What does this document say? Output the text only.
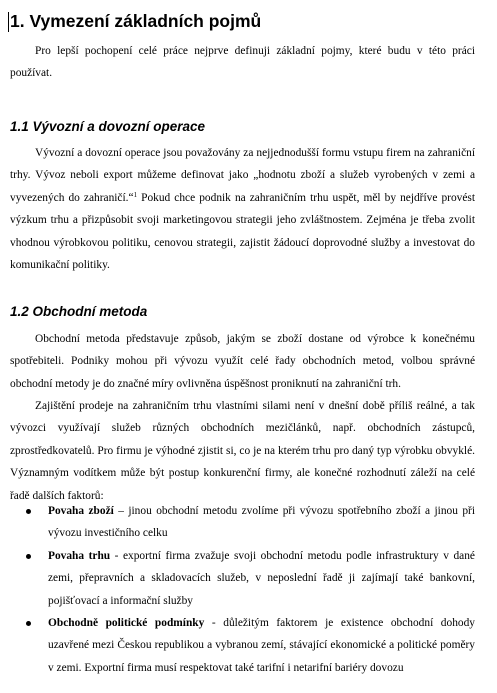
1. Vymezení základních pojmů

Pro lepší pochopení celé práce nejprve definuji základní pojmy, které budu v této práci používat.

1.1 Vývozní a dovozní operace

Vývozní a dovozní operace jsou považovány za nejjednodušší formu vstupu firem na zahraniční trhy. Vývoz neboli export můžeme definovat jako „hodnotu zboží a služeb vyrobených v zemi a vyvezených do zahraničí.“$^1$ Pokud chce podnik na zahraničním trhu uspět, měl by nejdříve provést výzkum trhu a přizpůsobit svoji marketingovou strategii jeho zvláštnostem. Zejména je třeba zvolit vhodnou výrobkovou politiku, cenovou strategii, zajistit žádoucí doprovodné služby a investovat do komunikační politiky.

1.2 Obchodní metoda

Obchodní metoda představuje způsob, jakým se zboží dostane od výrobce k konečnému spotřebiteli. Podniky mohou při vývozu využít celé řady obchodních metod, volbou správné obchodní metody je do značné míry ovlivněna úspěšnost proniknutí na zahraniční trh.

Zajištění prodeje na zahraničním trhu vlastními silami není v dnešní době příliš reálné, a tak vývozci využívají služeb různých obchodních mezičlánků, např. obchodních zástupců, zprostředkovatelů. Pro firmu je výhodné zjistit si, co je na kterém trhu pro daný typ výrobku obvyklé. Významným vodítkem může být postup konkurenční firmy, ale konečné rozhodnutí záleží na celé řadě dalších faktorů:

Povaha zboží – jinou obchodní metodu zvolíme při vývozu spotřebního zboží a jinou při vývozu investičního celku
Povaha trhu - exportní firma zvažuje svoji obchodní metodu podle infrastruktury v dané zemi, přepravních a skladovacích služeb, v neposlední řadě ji zajímají také bankovní, pojišťovací a informační služby
Obchodně politické podmínky - důležitým faktorem je existence obchodní dohody uzavřené mezi Českou republikou a vybranou zemí, stávající ekonomické a politické poměry v zemi. Exportní firma musí respektovat také tarifní i netarifní bariéry dovozu
